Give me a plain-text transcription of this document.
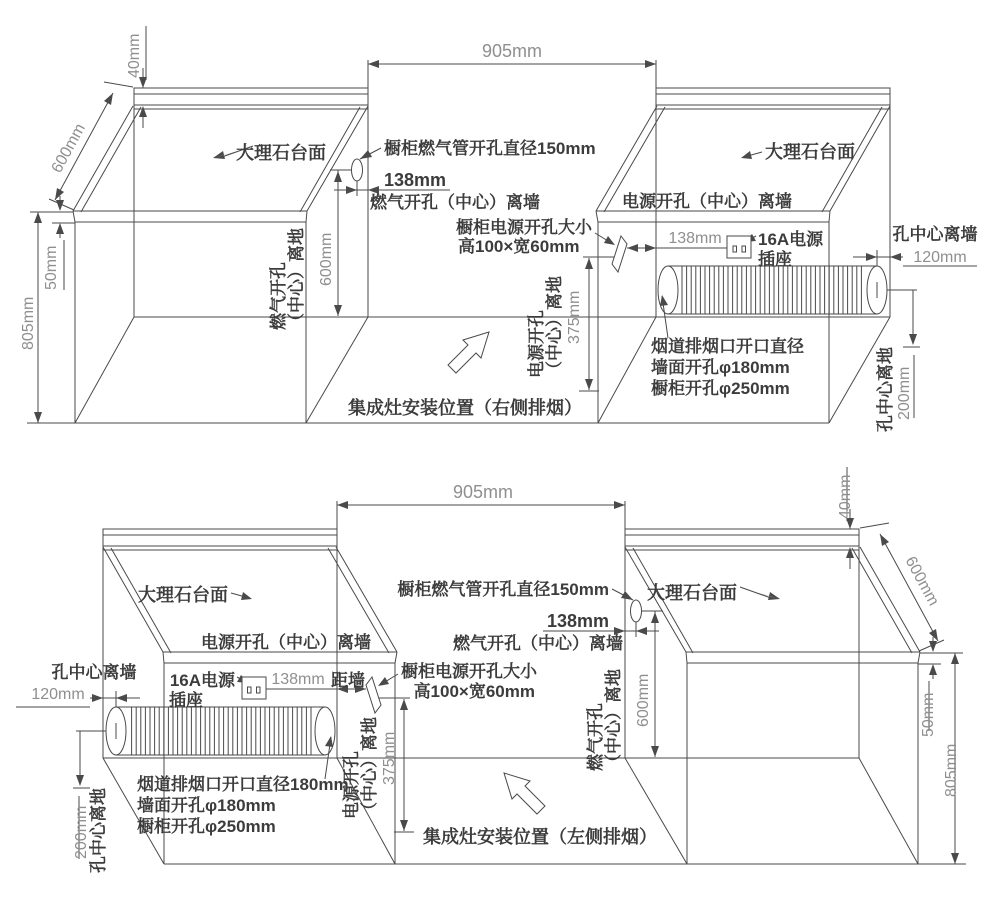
905mm
40mm
600mm
50mm
805mm
大理石台面	大理石台面
橱柜燃气管开孔直径150mm
138mm
燃气开孔（中心）离墙
燃气开孔 （中心）离地 600mm
橱柜电源开孔大小
高100×宽60mm
电源开孔（中心）离墙
138mm 16A电源
插座
孔中心离墙
120mm
电源开孔 （中心）离地 375mm
烟道排烟口开口直径
墙面开孔φ180mm
橱柜开孔φ250mm	孔中心离地 200mm
集成灶安装位置（右侧排烟）
905mm	40mm
600mm
50mm
805mm
大理石台面	大理石台面
橱柜燃气管开孔直径150mm
138mm
燃气开孔（中心）离墙
燃气开孔 （中心）离地 600mm
橱柜电源开孔大小
高100×宽60mm
电源开孔（中心）离墙
138mm 距墙
16A电源
插座
孔中心离墙
120mm
电源开孔 （中心）离地 375mm
烟道排烟口开口直径180mm
墙面开孔φ180mm
橱柜开孔φ250mm
孔中心离地
200mm	集成灶安装位置（左侧排烟）
